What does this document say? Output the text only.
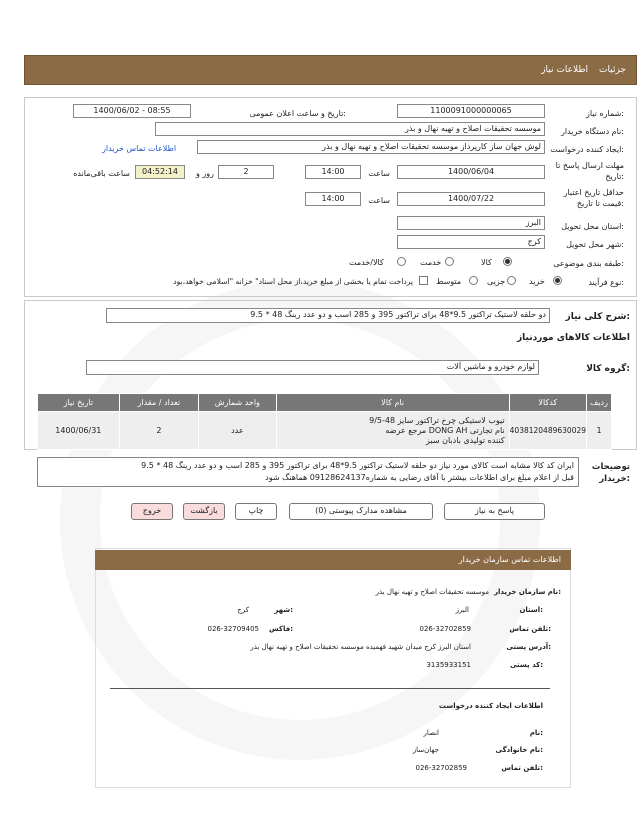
جزئیات
اطلاعات نیاز
شماره نیاز:
1100091000000065
تاریخ و ساعت اعلان عمومی:
1400/06/02 - 08:55
نام دستگاه خریدار:
موسسه تحقیقات اصلاح و تهیه نهال و بذر
ایجاد کننده درخواست:
لوش جهان ساز کارپرداز موسسه تحقیقات اصلاح و تهیه نهال و بذر
اطلاعات تماس خریدار
مهلت ارسال پاسخ تا تاریخ:
1400/06/04
ساعت
14:00
2
روز و
04:52:14
ساعت باقی‌مانده
حداقل تاریخ اعتبار قیمت تا تاریخ:
1400/07/22
ساعت
14:00
استان محل تحویل:
البرز
شهر محل تحویل:
کرج
طبقه بندی موضوعی:
کالا
خدمت
کالا/خدمت
نوع فرآیند:
خرید
جزیی
متوسط
پرداخت تمام یا بخشی از مبلغ خرید،از محل اسناد" خزانه "اسلامی خواهد،بود
شرح کلی نیاز:
دو حلقه لاستیک تراکتور 9.5*48 برای تراکتور 395 و 285 اسب و دو عدد رینگ 48 * 9.5
اطلاعات کالاهای موردنیاز
گروه کالا:
لوازم خودرو و ماشین آلات
تاریخ نیاز	تعداد / مقدار	واحد شمارش	نام کالا	کدکالا	ردیف
1400/06/31	2	عدد	تیوب لاستیکی چرخ تراکتور سایز 48-9/5
نام تجارتی DONG AH مرجع عرضه
کننده تولیدی بادبان سبز	4038120489630029	1
توضیحات خریدار:
ایران کد کالا مشابه است کالای مورد نیاز دو حلقه لاستیک تراکتور 9.5*48 برای تراکتور 395 و 285 اسب و دو عدد رینگ 48 * 9.5
قبل از اعلام مبلغ برای اطلاعات بیشتر با آقای رضایی به شماره09128624137 هماهنگ شود
پاسخ به نیاز
مشاهده مدارک پیوستی (0)
چاپ
بازگشت
خروج
اطلاعات تماس سازمان خریدار
نام سازمان خریدار:
موسسه تحقیقات اصلاح و تهیه نهال بذر
استان:
البرز
شهر:
کرج
تلفن تماس:
026-32702859
فاکس:
026-32709405
آدرس پستی:
استان البرز کرج میدان شهید فهمیده موسسه تحقیقات اصلاح و تهیه نهال بذر
کد پستی:
3135933151
اطلاعات ایجاد کننده درخواست
نام:
انصار
نام خانوادگی:
جهان‌ساز
تلفن تماس:
026-32702859
